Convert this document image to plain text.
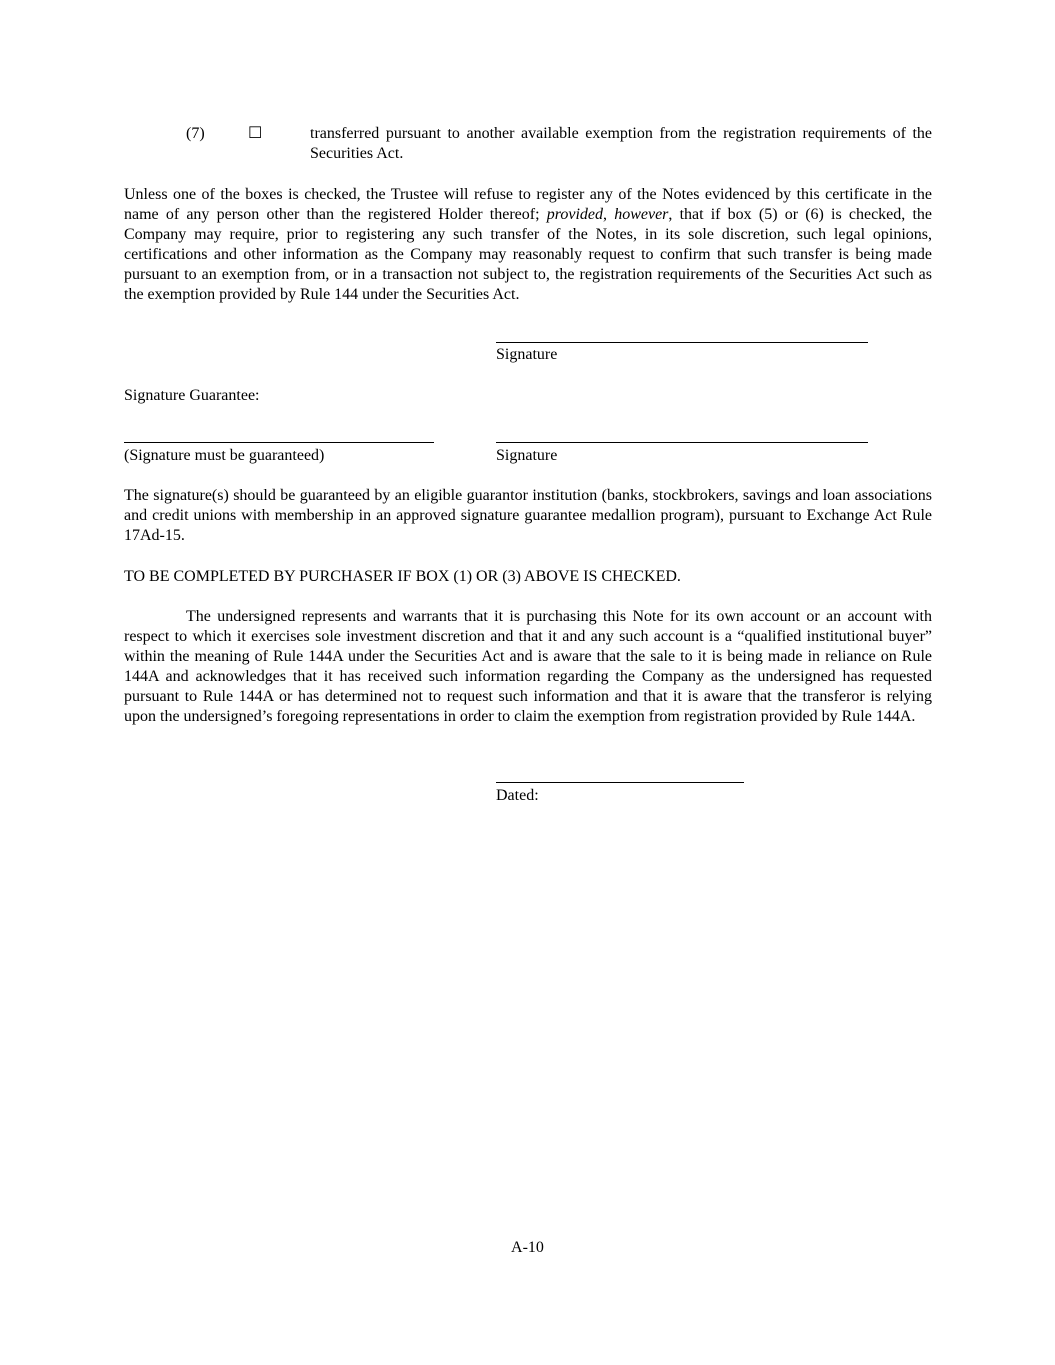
(7)	☐	transferred pursuant to another available exemption from the registration requirements of the Securities Act.
Unless one of the boxes is checked, the Trustee will refuse to register any of the Notes evidenced by this certificate in the name of any person other than the registered Holder thereof; provided, however, that if box (5) or (6) is checked, the Company may require, prior to registering any such transfer of the Notes, in its sole discretion, such legal opinions, certifications and other information as the Company may reasonably request to confirm that such transfer is being made pursuant to an exemption from, or in a transaction not subject to, the registration requirements of the Securities Act such as the exemption provided by Rule 144 under the Securities Act.
Signature
Signature Guarantee:
(Signature must be guaranteed)	Signature
The signature(s) should be guaranteed by an eligible guarantor institution (banks, stockbrokers, savings and loan associations and credit unions with membership in an approved signature guarantee medallion program), pursuant to Exchange Act Rule 17Ad-15.
TO BE COMPLETED BY PURCHASER IF BOX (1) OR (3) ABOVE IS CHECKED.
The undersigned represents and warrants that it is purchasing this Note for its own account or an account with respect to which it exercises sole investment discretion and that it and any such account is a “qualified institutional buyer” within the meaning of Rule 144A under the Securities Act and is aware that the sale to it is being made in reliance on Rule 144A and acknowledges that it has received such information regarding the Company as the undersigned has requested pursuant to Rule 144A or has determined not to request such information and that it is aware that the transferor is relying upon the undersigned’s foregoing representations in order to claim the exemption from registration provided by Rule 144A.
Dated:
A-10
